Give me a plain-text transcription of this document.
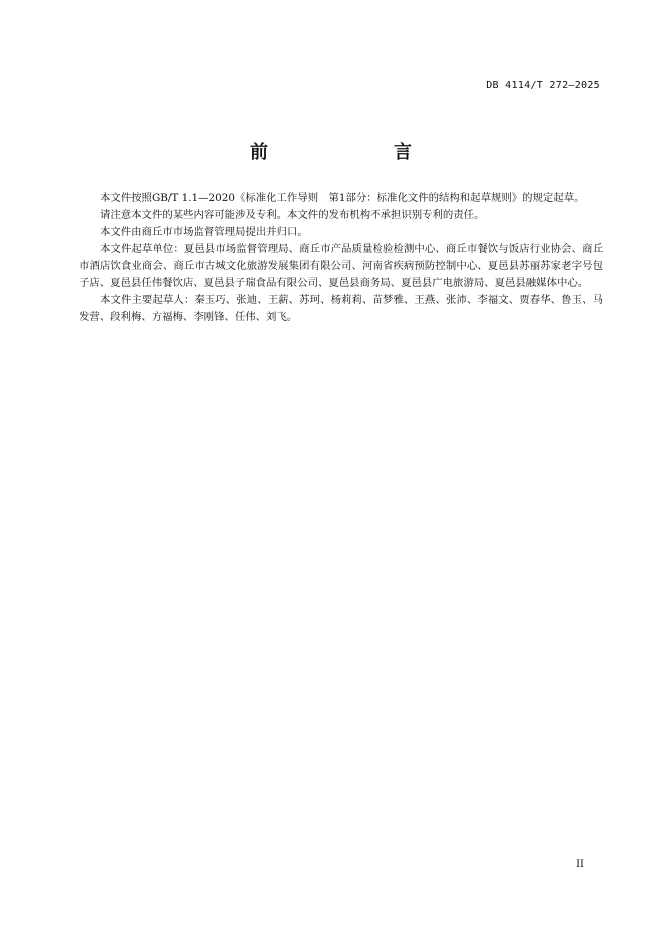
DB 4114/T 272—2025
前　　言

本文件按照GB/T 1.1—2020《标准化工作导则　第1部分：标准化文件的结构和起草规则》的规定起草。

请注意本文件的某些内容可能涉及专利。本文件的发布机构不承担识别专利的责任。

本文件由商丘市市场监督管理局提出并归口。

本文件起草单位：夏邑县市场监督管理局、商丘市产品质量检验检测中心、商丘市餐饮与饭店行业协会、商丘市酒店饮食业商会、商丘市古城文化旅游发展集团有限公司、河南省疾病预防控制中心、夏邑县苏丽苏家老字号包子店、夏邑县任伟餐饮店、夏邑县子瑞食品有限公司、夏邑县商务局、夏邑县广电旅游局、夏邑县融媒体中心。

本文件主要起草人：秦玉巧、张迪、王薪、苏珂、杨莉莉、苗梦雅、王燕、张沛、李福文、贾春华、鲁玉、马发营、段利梅、方福梅、李刚锋、任伟、刘飞。

II
